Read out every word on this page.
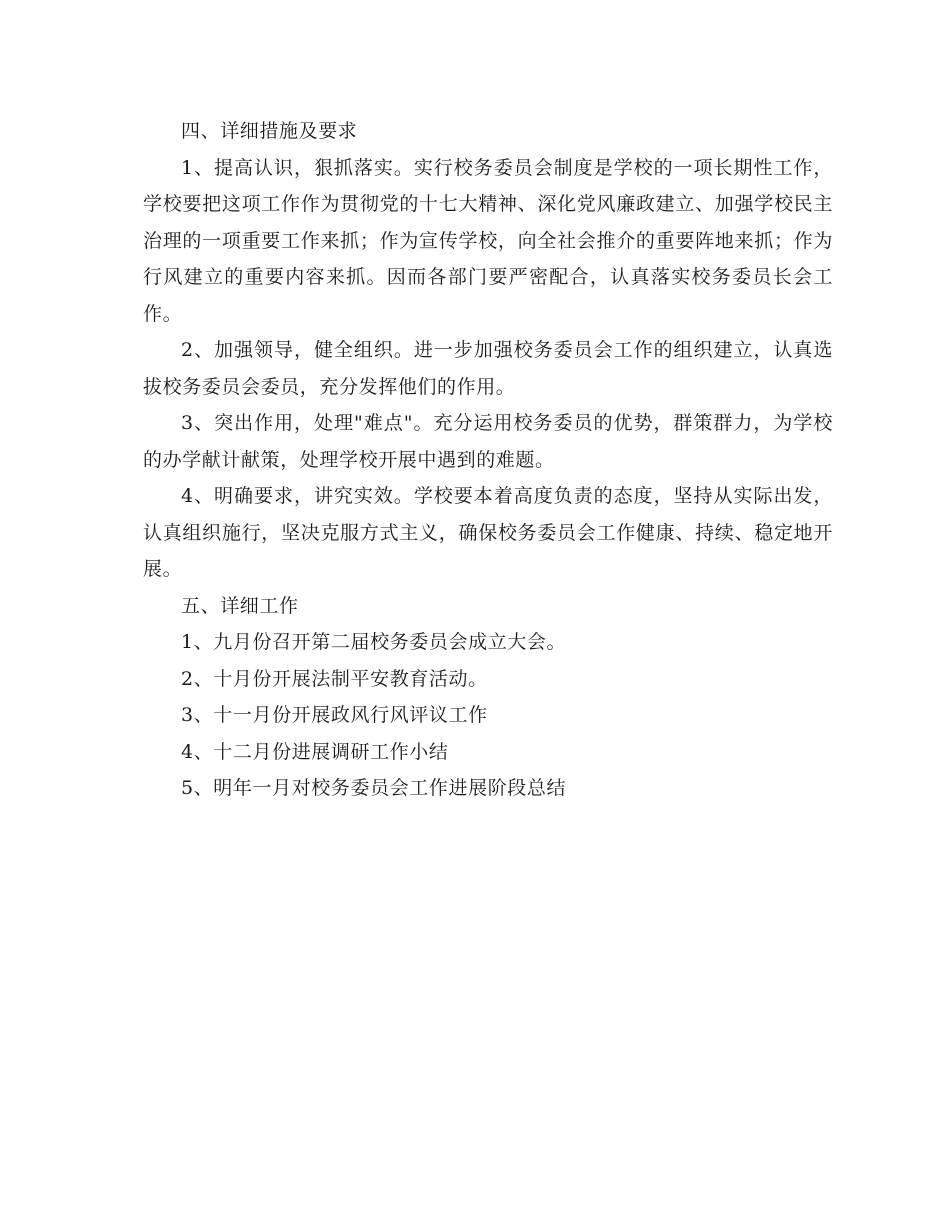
四、详细措施及要求

1、提高认识，狠抓落实。实行校务委员会制度是学校的一项长期性工作，学校要把这项工作作为贯彻党的十七大精神、深化党风廉政建立、加强学校民主治理的一项重要工作来抓；作为宣传学校，向全社会推介的重要阵地来抓；作为行风建立的重要内容来抓。因而各部门要严密配合，认真落实校务委员长会工作。

2、加强领导，健全组织。进一步加强校务委员会工作的组织建立，认真选拔校务委员会委员，充分发挥他们的作用。

3、突出作用，处理"难点"。充分运用校务委员的优势，群策群力，为学校的办学献计献策，处理学校开展中遇到的难题。

4、明确要求，讲究实效。学校要本着高度负责的态度，坚持从实际出发，认真组织施行，坚决克服方式主义，确保校务委员会工作健康、持续、稳定地开展。

五、详细工作

1、九月份召开第二届校务委员会成立大会。

2、十月份开展法制平安教育活动。

3、十一月份开展政风行风评议工作

4、十二月份进展调研工作小结

5、明年一月对校务委员会工作进展阶段总结
